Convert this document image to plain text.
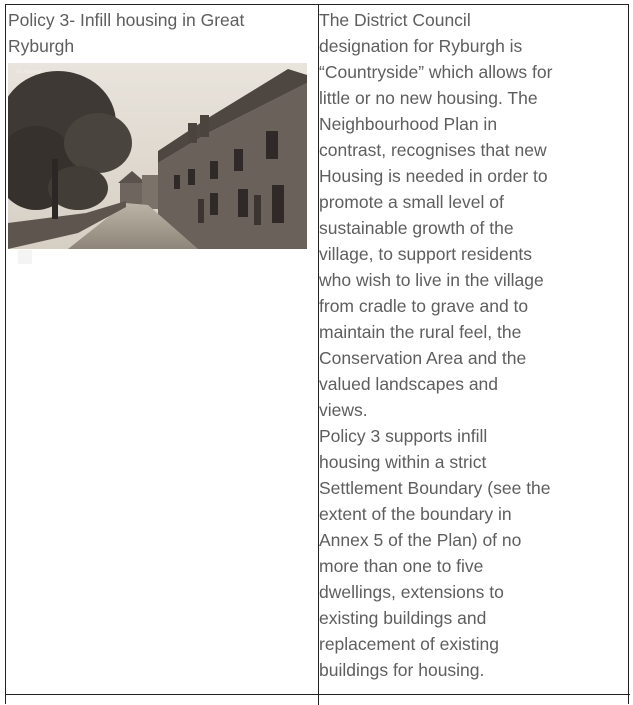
Policy 3- Infill housing in Great
Ryburgh

Gt. Ryburgh

The District Council
designation for Ryburgh is
“Countryside” which allows for
little or no new housing. The
Neighbourhood Plan in
contrast, recognises that new
Housing is needed in order to
promote a small level of
sustainable growth of the
village, to support residents
who wish to live in the village
from cradle to grave and to
maintain the rural feel, the
Conservation Area and the
valued landscapes and
views.

Policy 3 supports infill
housing within a strict
Settlement Boundary (see the
extent of the boundary in
Annex 5 of the Plan) of no
more than one to five
dwellings, extensions to
existing buildings and
replacement of existing
buildings for housing.
